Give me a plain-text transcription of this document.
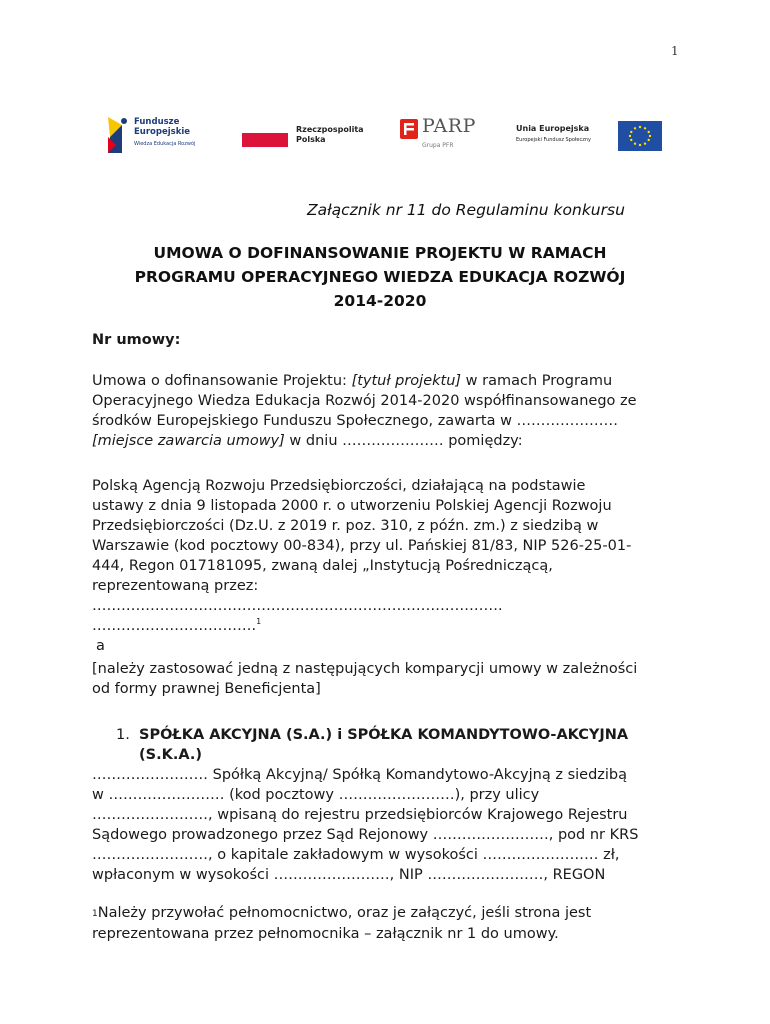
1
Fundusze
Europejskie
Wiedza Edukacja Rozwój
Rzeczpospolita
Polska
PARP
Grupa PFR
Unia Europejska
Europejski Fundusz Społeczny
Załącznik nr 11 do Regulaminu konkursu
UMOWA O DOFINANSOWANIE PROJEKTU W RAMACH
PROGRAMU OPERACYJNEGO WIEDZA EDUKACJA ROZWÓJ
2014-2020
Nr umowy:
Umowa o dofinansowanie Projektu: [tytuł projektu] w ramach Programu
Operacyjnego Wiedza Edukacja Rozwój 2014-2020 współfinansowanego ze
środków Europejskiego Funduszu Społecznego, zawarta w …………………
[miejsce zawarcia umowy] w dniu ………………… pomiędzy:
Polską Agencją Rozwoju Przedsiębiorczości, działającą na podstawie
ustawy z dnia 9 listopada 2000 r. o utworzeniu Polskiej Agencji Rozwoju
Przedsiębiorczości (Dz.U. z 2019 r. poz. 310, z późn. zm.) z siedzibą w
Warszawie (kod pocztowy 00-834), przy ul. Pańskiej 81/83, NIP 526-25-01-
444, Regon 017181095, zwaną dalej „Instytucją Pośredniczącą,
reprezentowaną przez:
………………………………………………………………………….
…………………………….$^1$
a
[należy zastosować jedną z następujących komparycji umowy w zależności
od formy prawnej Beneficjenta]
1. SPÓŁKA AKCYJNA (S.A.) i SPÓŁKA KOMANDYTOWO-AKCYJNA
(S.K.A.)
…………………… Spółką Akcyjną/ Spółką Komandytowo-Akcyjną z siedzibą
w …………………… (kod pocztowy ……………………), przy ulicy
……………………, wpisaną do rejestru przedsiębiorców Krajowego Rejestru
Sądowego prowadzonego przez Sąd Rejonowy ……………………, pod nr KRS
……………………, o kapitale zakładowym w wysokości …………………… zł,
wpłaconym w wysokości ……………………, NIP ……………………, REGON
1Należy przywołać pełnomocnictwo, oraz je załączyć, jeśli strona jest
reprezentowana przez pełnomocnika – załącznik nr 1 do umowy.
